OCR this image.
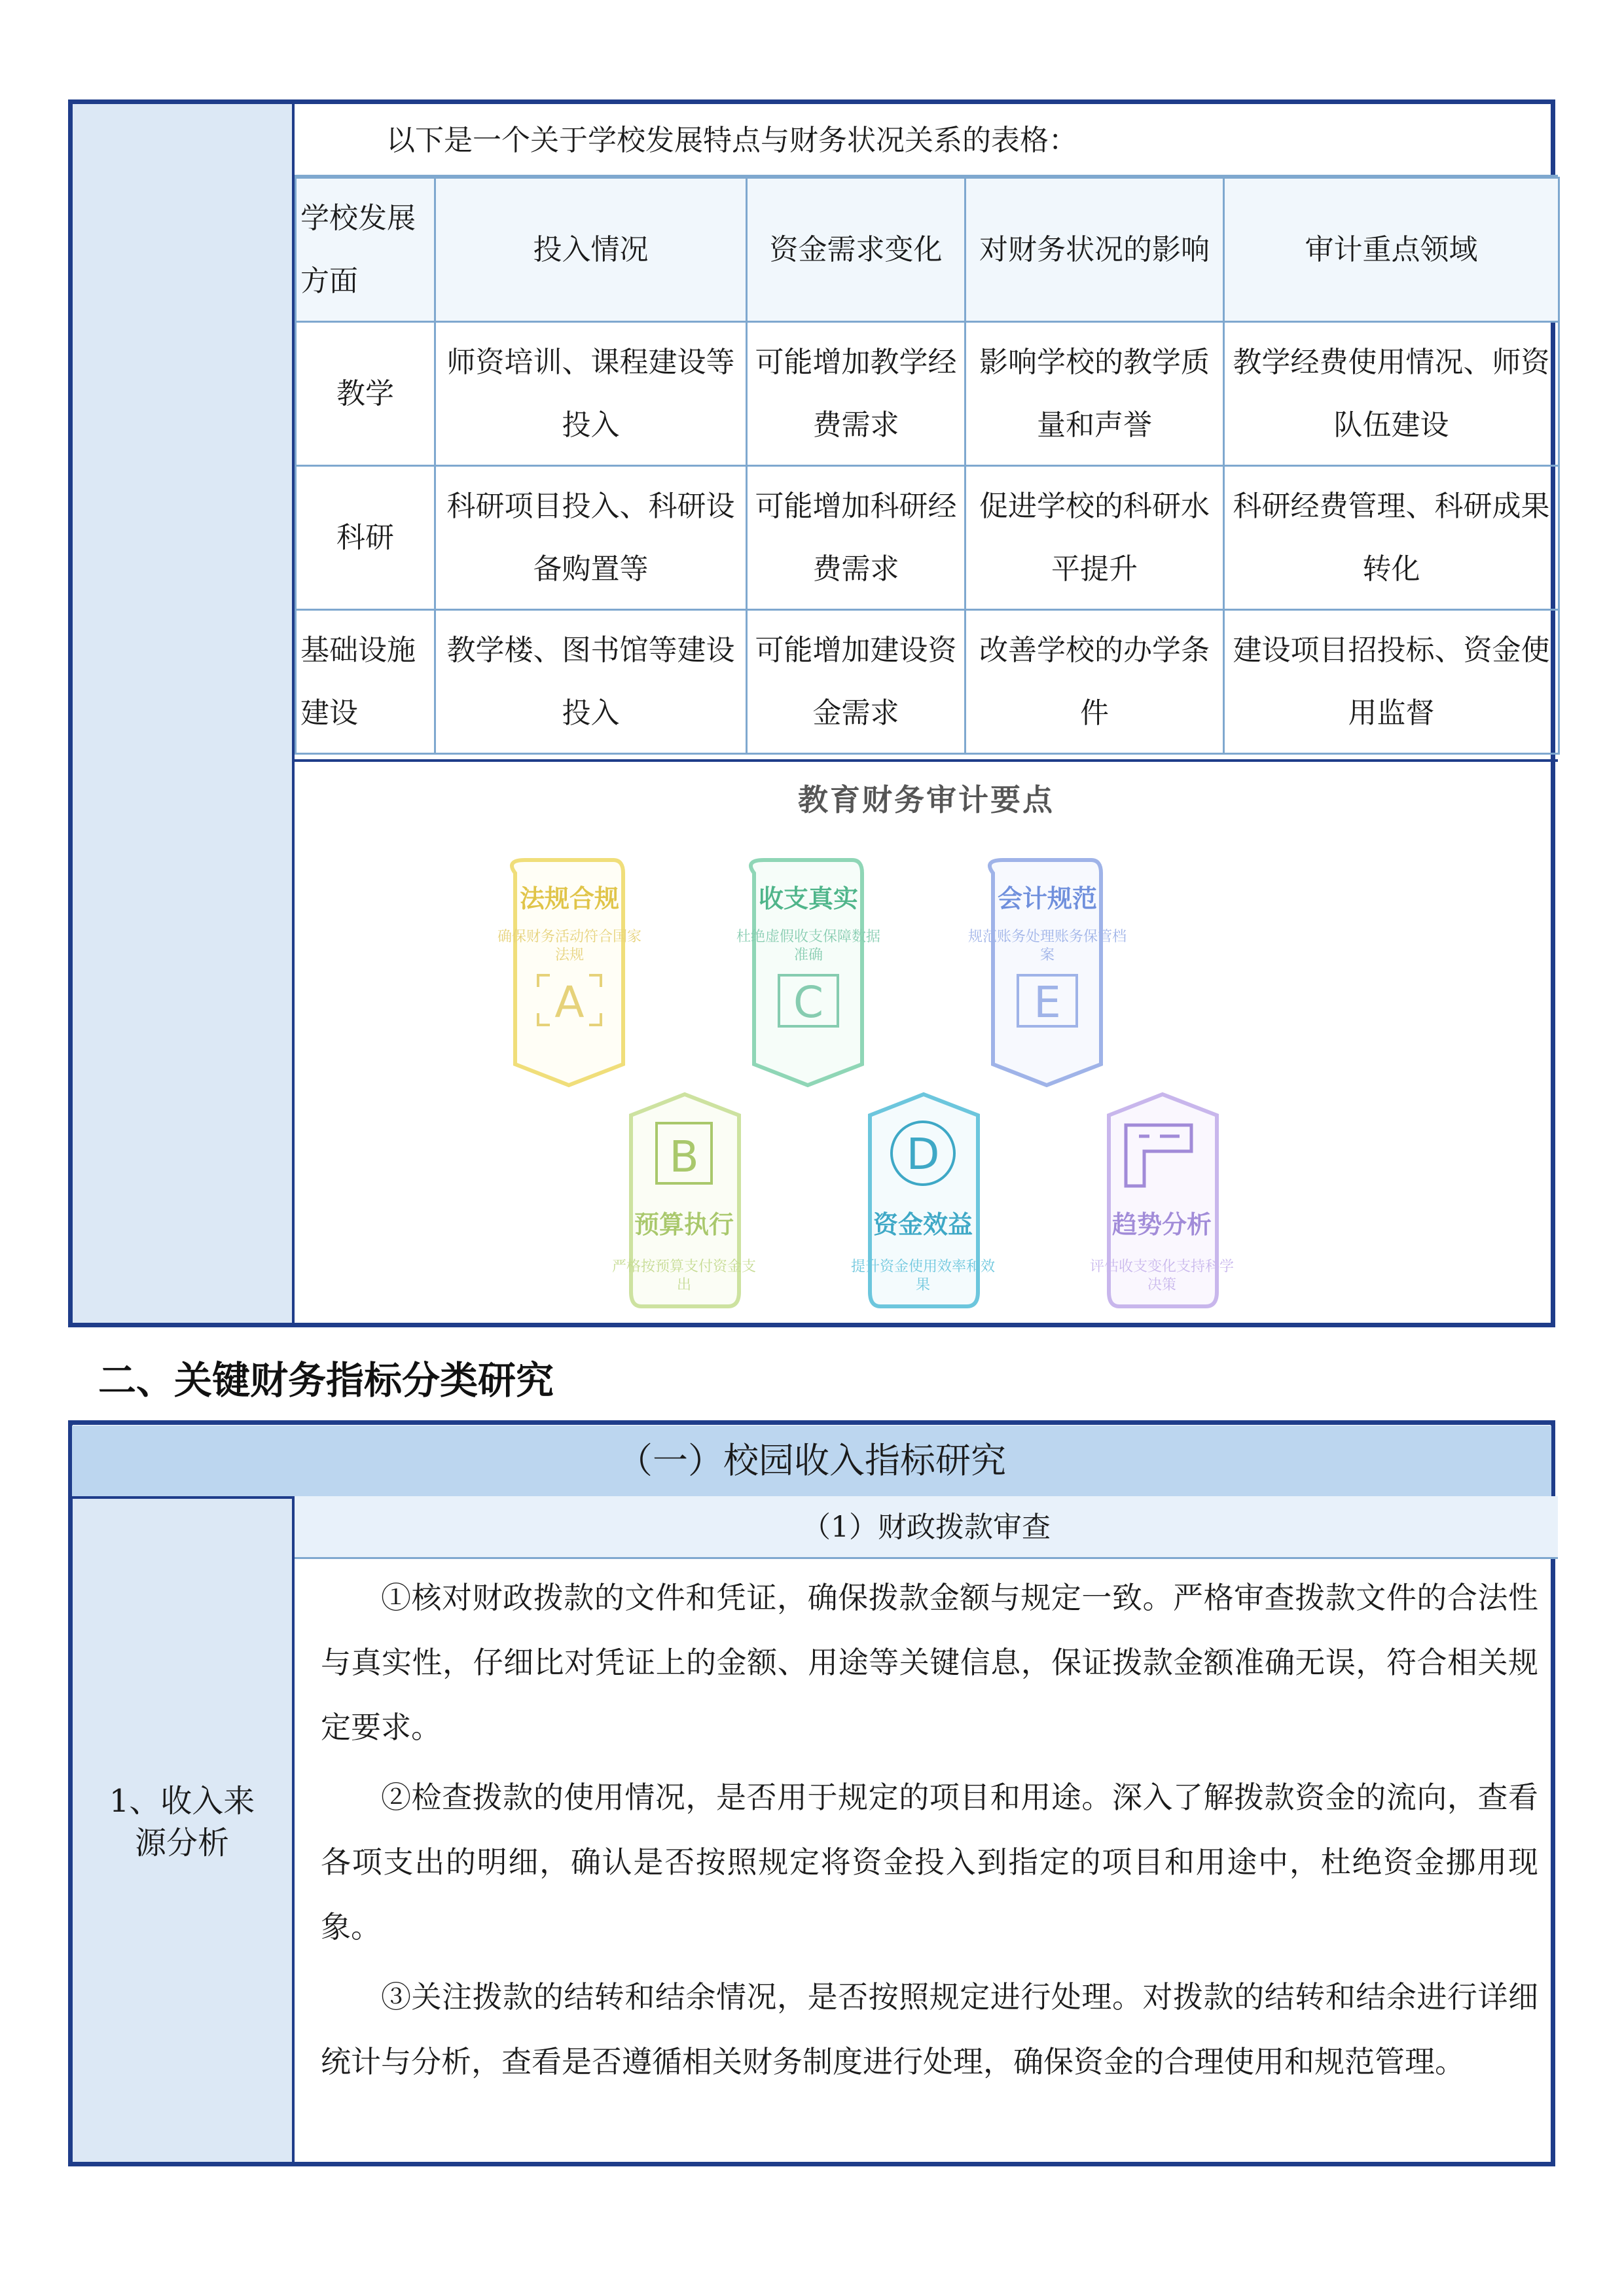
以下是一个关于学校发展特点与财务状况关系的表格：
学校发展方面	投入情况	资金需求变化	对财务状况的影响	审计重点领域
教学	师资培训、课程建设等投入	可能增加教学经费需求	影响学校的教学质量和声誉	教学经费使用情况、师资队伍建设
科研	科研项目投入、科研设备购置等	可能增加科研经费需求	促进学校的科研水平提升	科研经费管理、科研成果转化
基础设施建设	教学楼、图书馆等建设投入	可能增加建设资金需求	改善学校的办学条件	建设项目招投标、资金使用监督
教育财务审计要点
法规合规
确保财务活动符合国家
法规
A
收支真实
杜绝虚假收支保障数据
准确
C
会计规范
规范账务处理账务保管档
案
E
B
预算执行
严格按预算支付资金支
出
D
资金效益
提升资金使用效率和效
果
趋势分析
评估收支变化支持科学
决策
二、关键财务指标分类研究
（一）校园收入指标研究
1、收入来
源分析
（1）财政拨款审查

①核对财政拨款的文件和凭证，确保拨款金额与规定一致。严格审查拨款文件的合法性与真实性，仔细比对凭证上的金额、用途等关键信息，保证拨款金额准确无误，符合相关规定要求。

②检查拨款的使用情况，是否用于规定的项目和用途。深入了解拨款资金的流向，查看各项支出的明细，确认是否按照规定将资金投入到指定的项目和用途中，杜绝资金挪用现象。

③关注拨款的结转和结余情况，是否按照规定进行处理。对拨款的结转和结余进行详细统计与分析，查看是否遵循相关财务制度进行处理，确保资金的合理使用和规范管理。
